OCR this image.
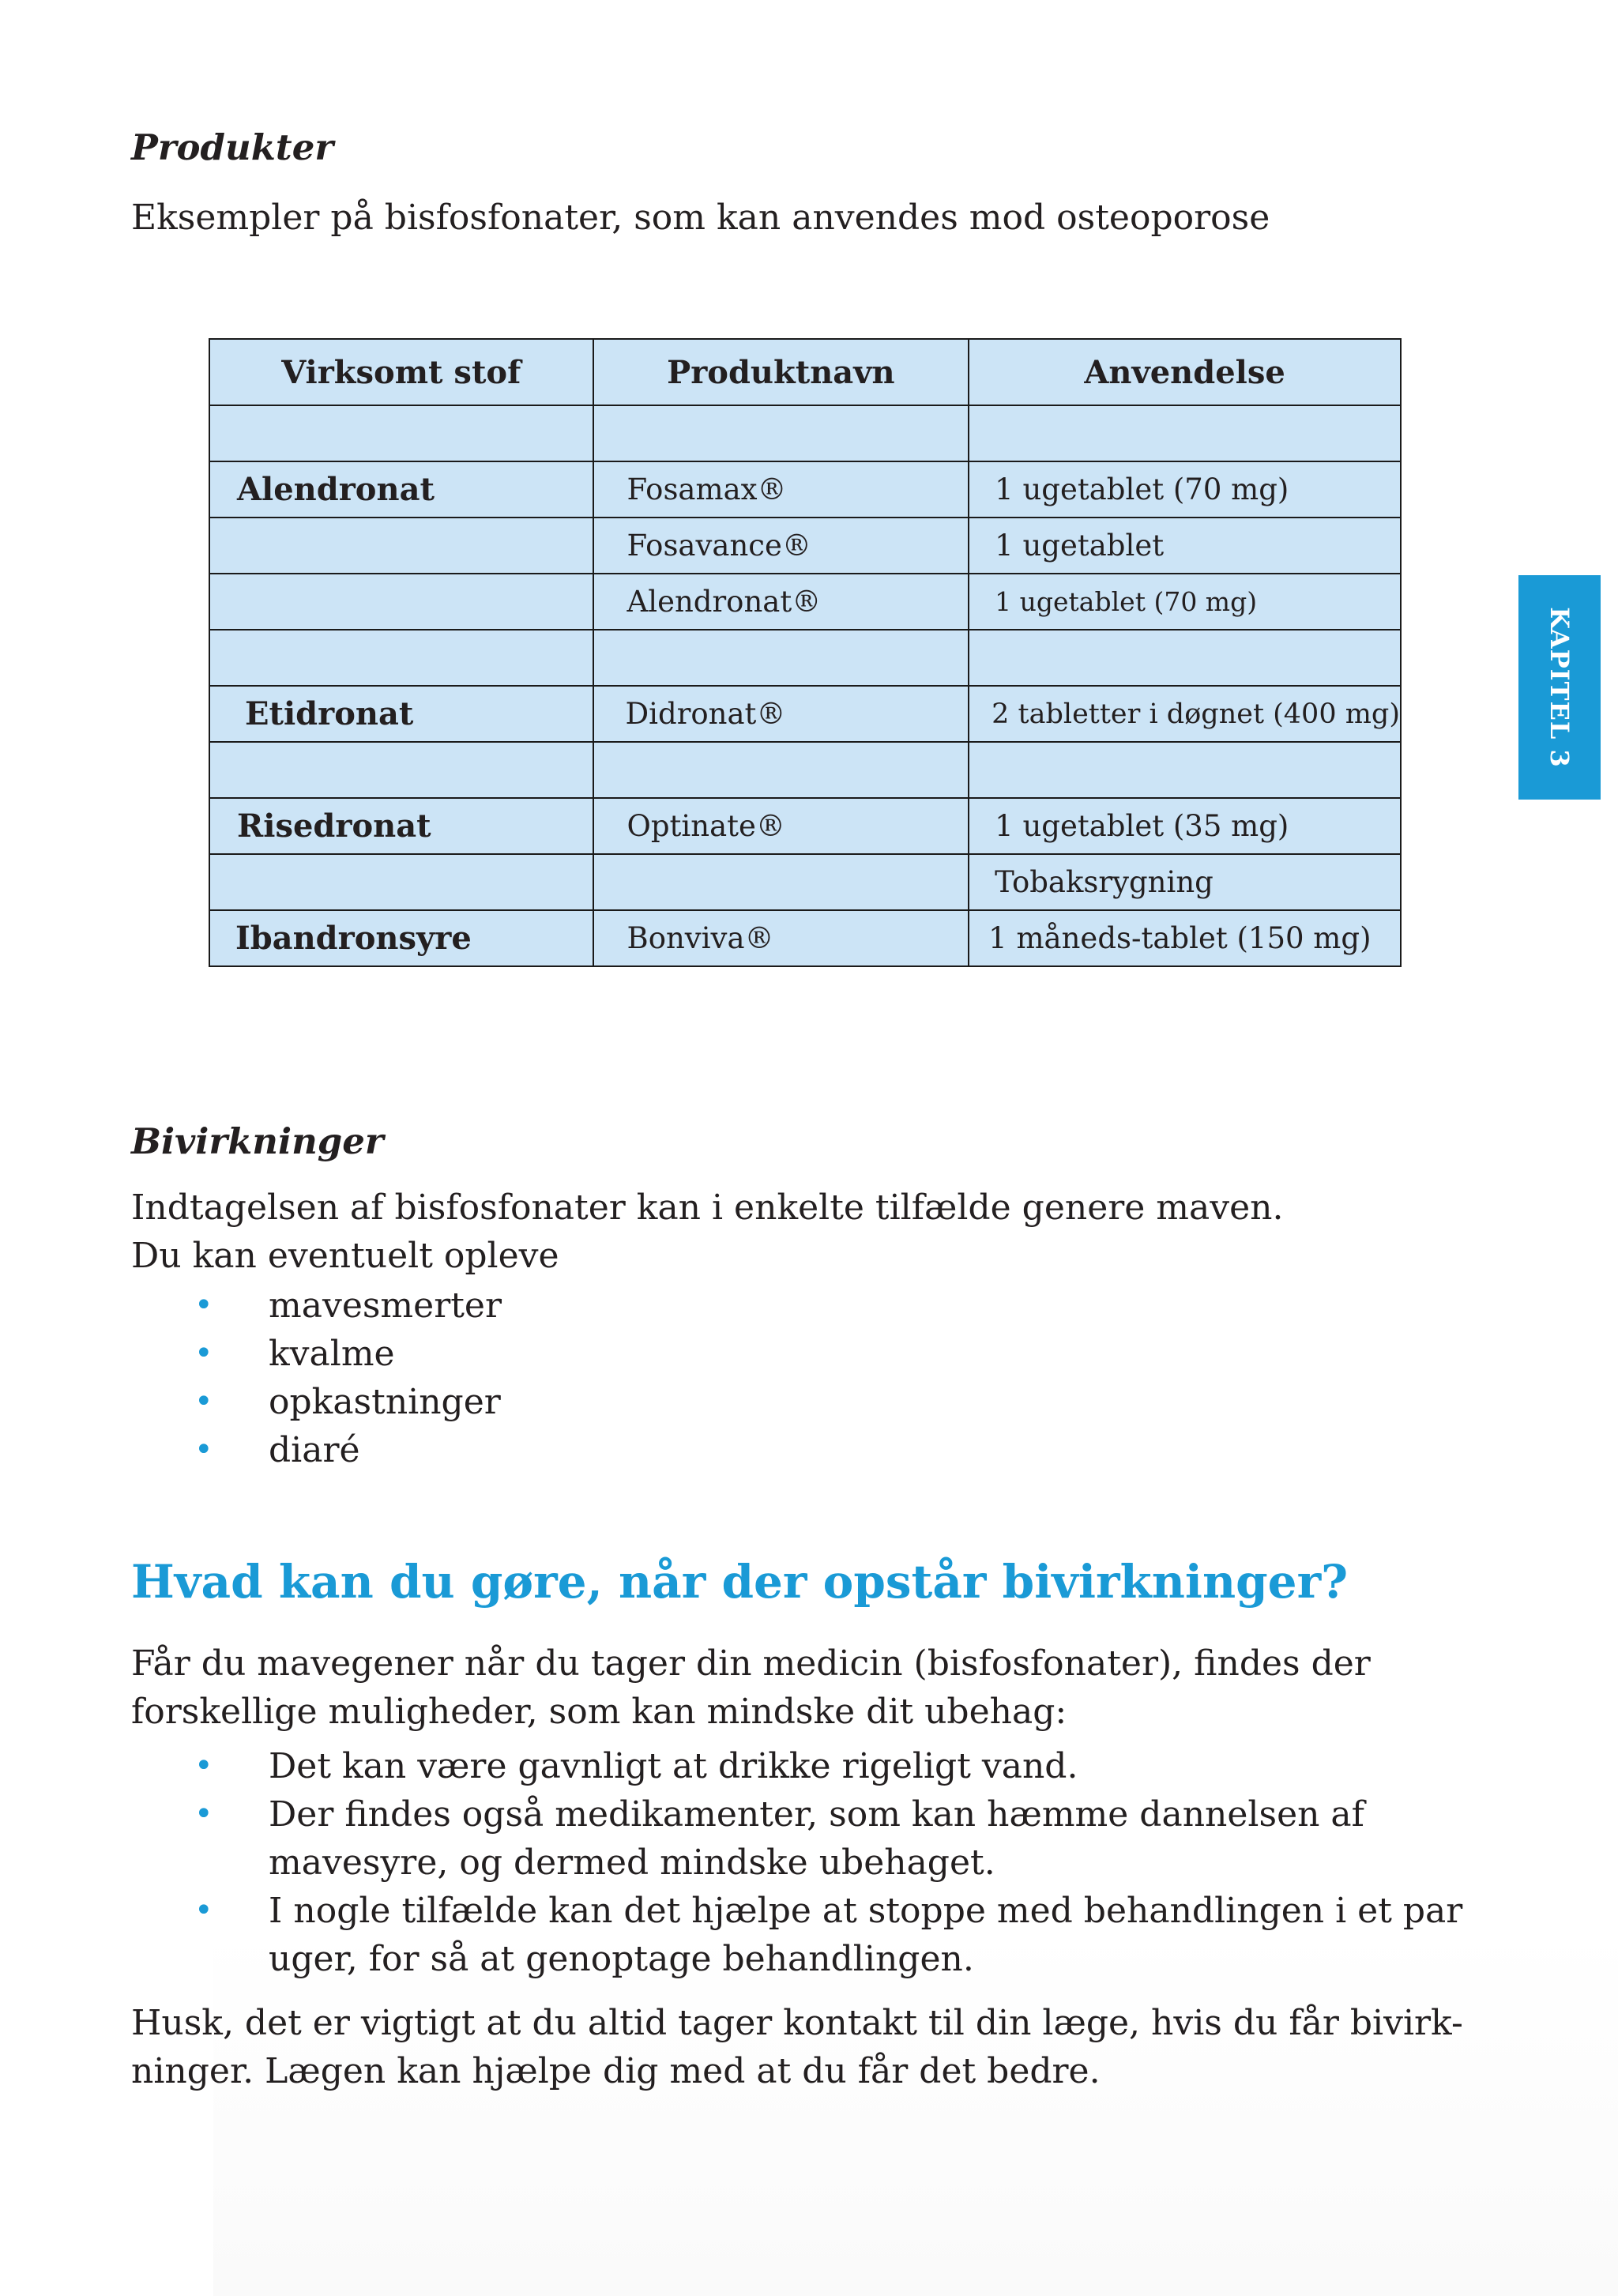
KAPITEL 3
Produkter

Eksempler på bisfosfonater, som kan anvendes mod osteoporose

Virksomt stof	Produktnavn	Anvendelse

Alendronat	Fosamax®	1 ugetablet (70 mg)
	Fosavance®	1 ugetablet
	Alendronat®	1 ugetablet (70 mg)

Etidronat	Didronat®	2 tabletter i døgnet (400 mg)

Risedronat	Optinate®	1 ugetablet (35 mg)
		Tobaksrygning
Ibandronsyre	Bonviva®	1 måneds-tablet (150 mg)
Bivirkninger

Indtagelsen af bisfosfonater kan i enkelte tilfælde genere maven.
Du kan eventuelt opleve

• mavesmerter
• kvalme
• opkastninger
• diaré
Hvad kan du gøre, når der opstår bivirkninger?

Får du mavegener når du tager din medicin (bisfosfonater), findes der
forskellige muligheder, som kan mindske dit ubehag:

• Det kan være gavnligt at drikke rigeligt vand.
• Der findes også medikamenter, som kan hæmme dannelsen af
mavesyre, og dermed mindske ubehaget.
• I nogle tilfælde kan det hjælpe at stoppe med behandlingen i et par
uger, for så at genoptage behandlingen.

Husk, det er vigtigt at du altid tager kontakt til din læge, hvis du får bivirk-
ninger. Lægen kan hjælpe dig med at du får det bedre.
